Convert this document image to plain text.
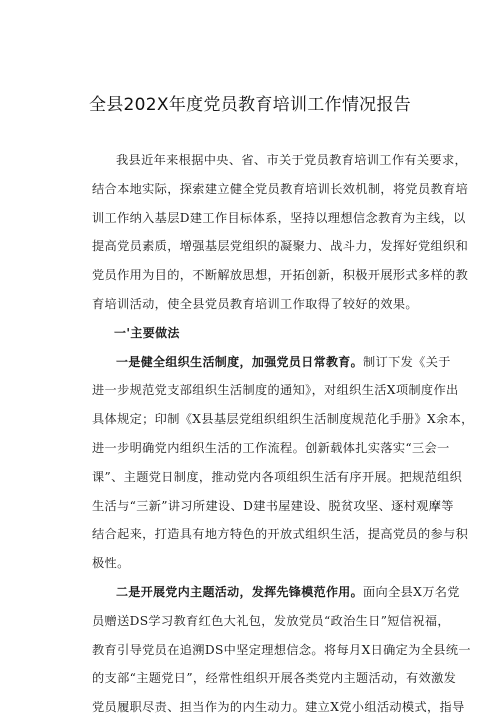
全县202X年度党员教育培训工作情况报告
我县近年来根据中央、省、市关于党员教育培训工作有关要求，
结合本地实际，探索建立健全党员教育培训长效机制，将党员教育培
训工作纳入基层D建工作目标体系，坚持以理想信念教育为主线，以
提高党员素质，增强基层党组织的凝聚力、战斗力，发挥好党组织和
党员作用为目的，不断解放思想，开拓创新，积极开展形式多样的教
育培训活动，使全县党员教育培训工作取得了较好的效果。
一'主要做法
一是健全组织生活制度，加强党员日常教育。制订下发《关于
进一步规范党支部组织生活制度的通知》，对组织生活X项制度作出
具体规定；印制《X县基层党组织组织生活制度规范化手册》X余本，
进一步明确党内组织生活的工作流程。创新载体扎实落实“三会一
课”、主题党日制度，推动党内各项组织生活有序开展。把规范组织
生活与“三新”讲习所建设、D建书屋建设、脱贫攻坚、逐村观摩等
结合起来，打造具有地方特色的开放式组织生活，提高党员的参与积
极性。
二是开展党内主题活动，发挥先锋模范作用。面向全县X万名党
员赠送DS学习教育红色大礼包，发放党员“政治生日”短信祝福，
教育引导党员在追溯DS中坚定理想信念。将每月X日确定为全县统一
的支部“主题党日”，经常性组织开展各类党内主题活动，有效激发
党员履职尽责、担当作为的内生动力。建立X党小组活动模式，指导
